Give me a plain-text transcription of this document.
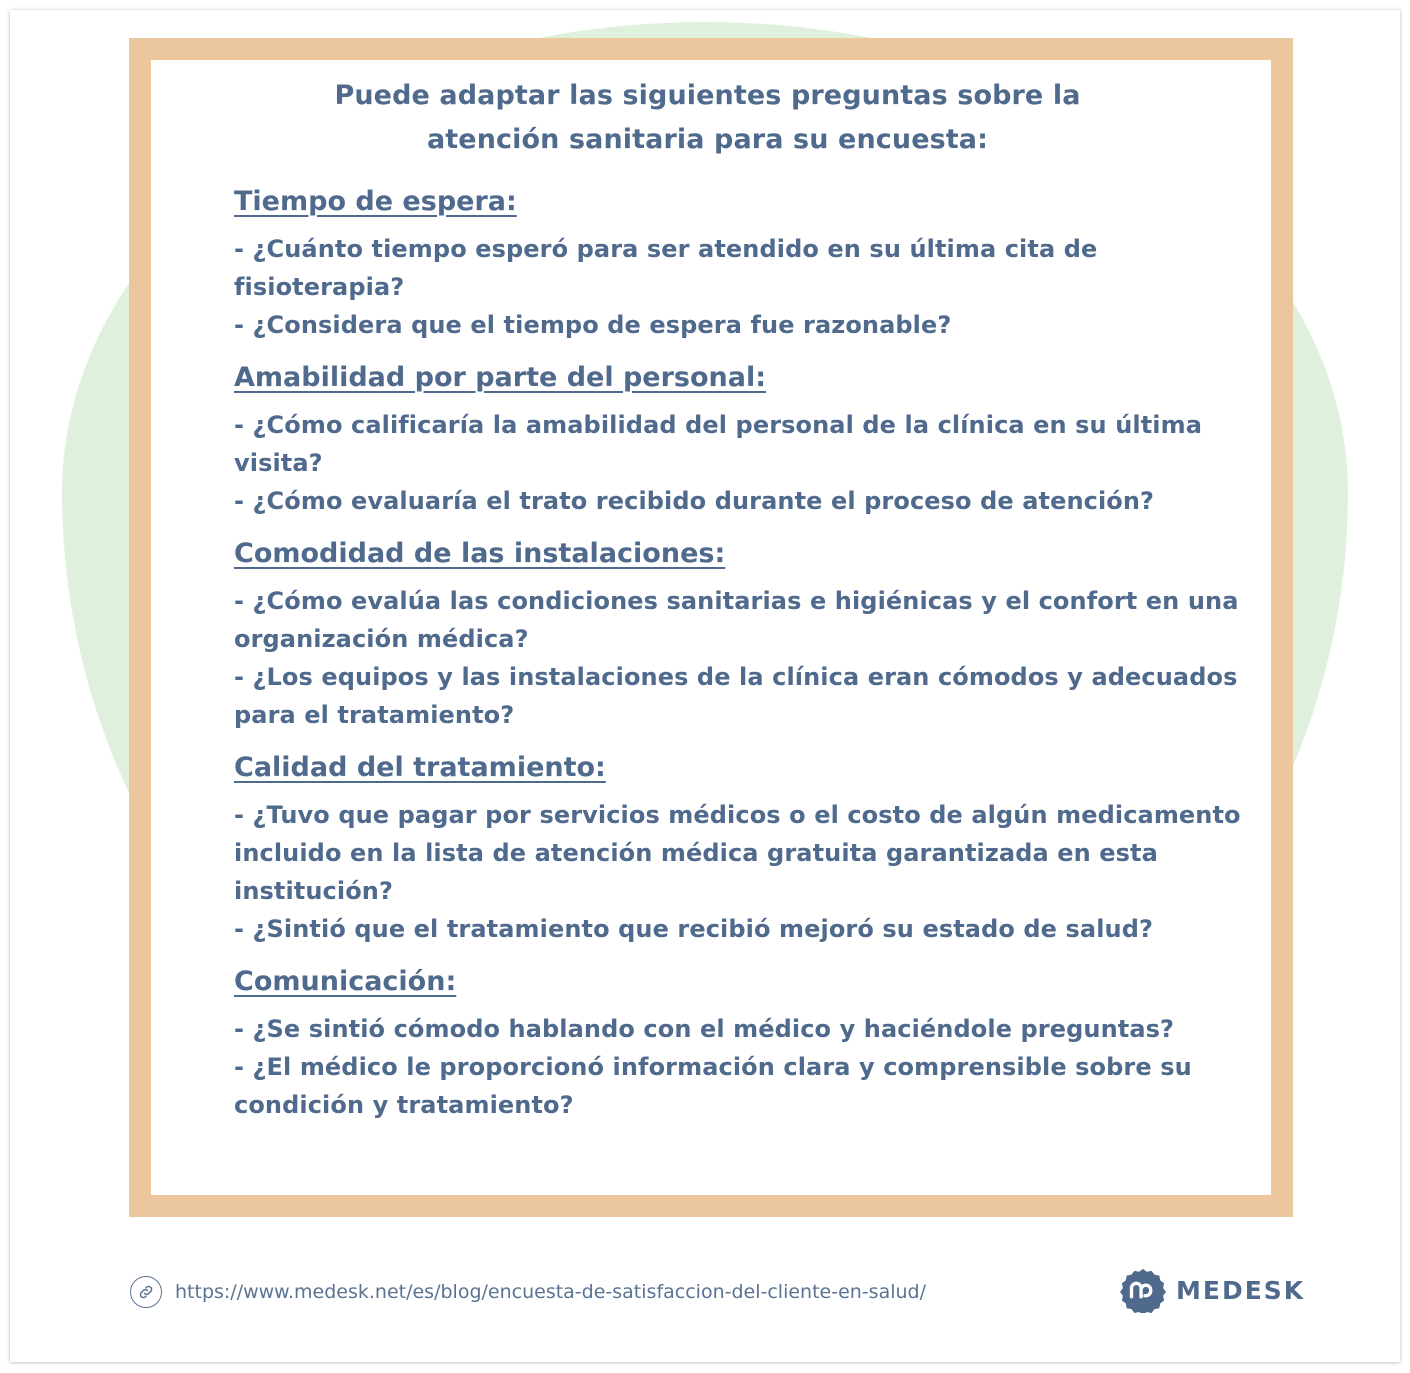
Puede adaptar las siguientes preguntas sobre la
atención sanitaria para su encuesta:
Tiempo de espera:
- ¿Cuánto tiempo esperó para ser atendido en su última cita de fisioterapia?
- ¿Considera que el tiempo de espera fue razonable?
Amabilidad por parte del personal:
- ¿Cómo calificaría la amabilidad del personal de la clínica en su última visita?
- ¿Cómo evaluaría el trato recibido durante el proceso de atención?
Comodidad de las instalaciones:
- ¿Cómo evalúa las condiciones sanitarias e higiénicas y el confort en una organización médica?
- ¿Los equipos y las instalaciones de la clínica eran cómodos y adecuados para el tratamiento?
Calidad del tratamiento:
- ¿Tuvo que pagar por servicios médicos o el costo de algún medicamento incluido en la lista de atención médica gratuita garantizada en esta institución?
- ¿Sintió que el tratamiento que recibió mejoró su estado de salud?
Comunicación:
- ¿Se sintió cómodo hablando con el médico y haciéndole preguntas?
- ¿El médico le proporcionó información clara y comprensible sobre su condición y tratamiento?
https://www.medesk.net/es/blog/encuesta-de-satisfaccion-del-cliente-en-salud/	MEDESK
